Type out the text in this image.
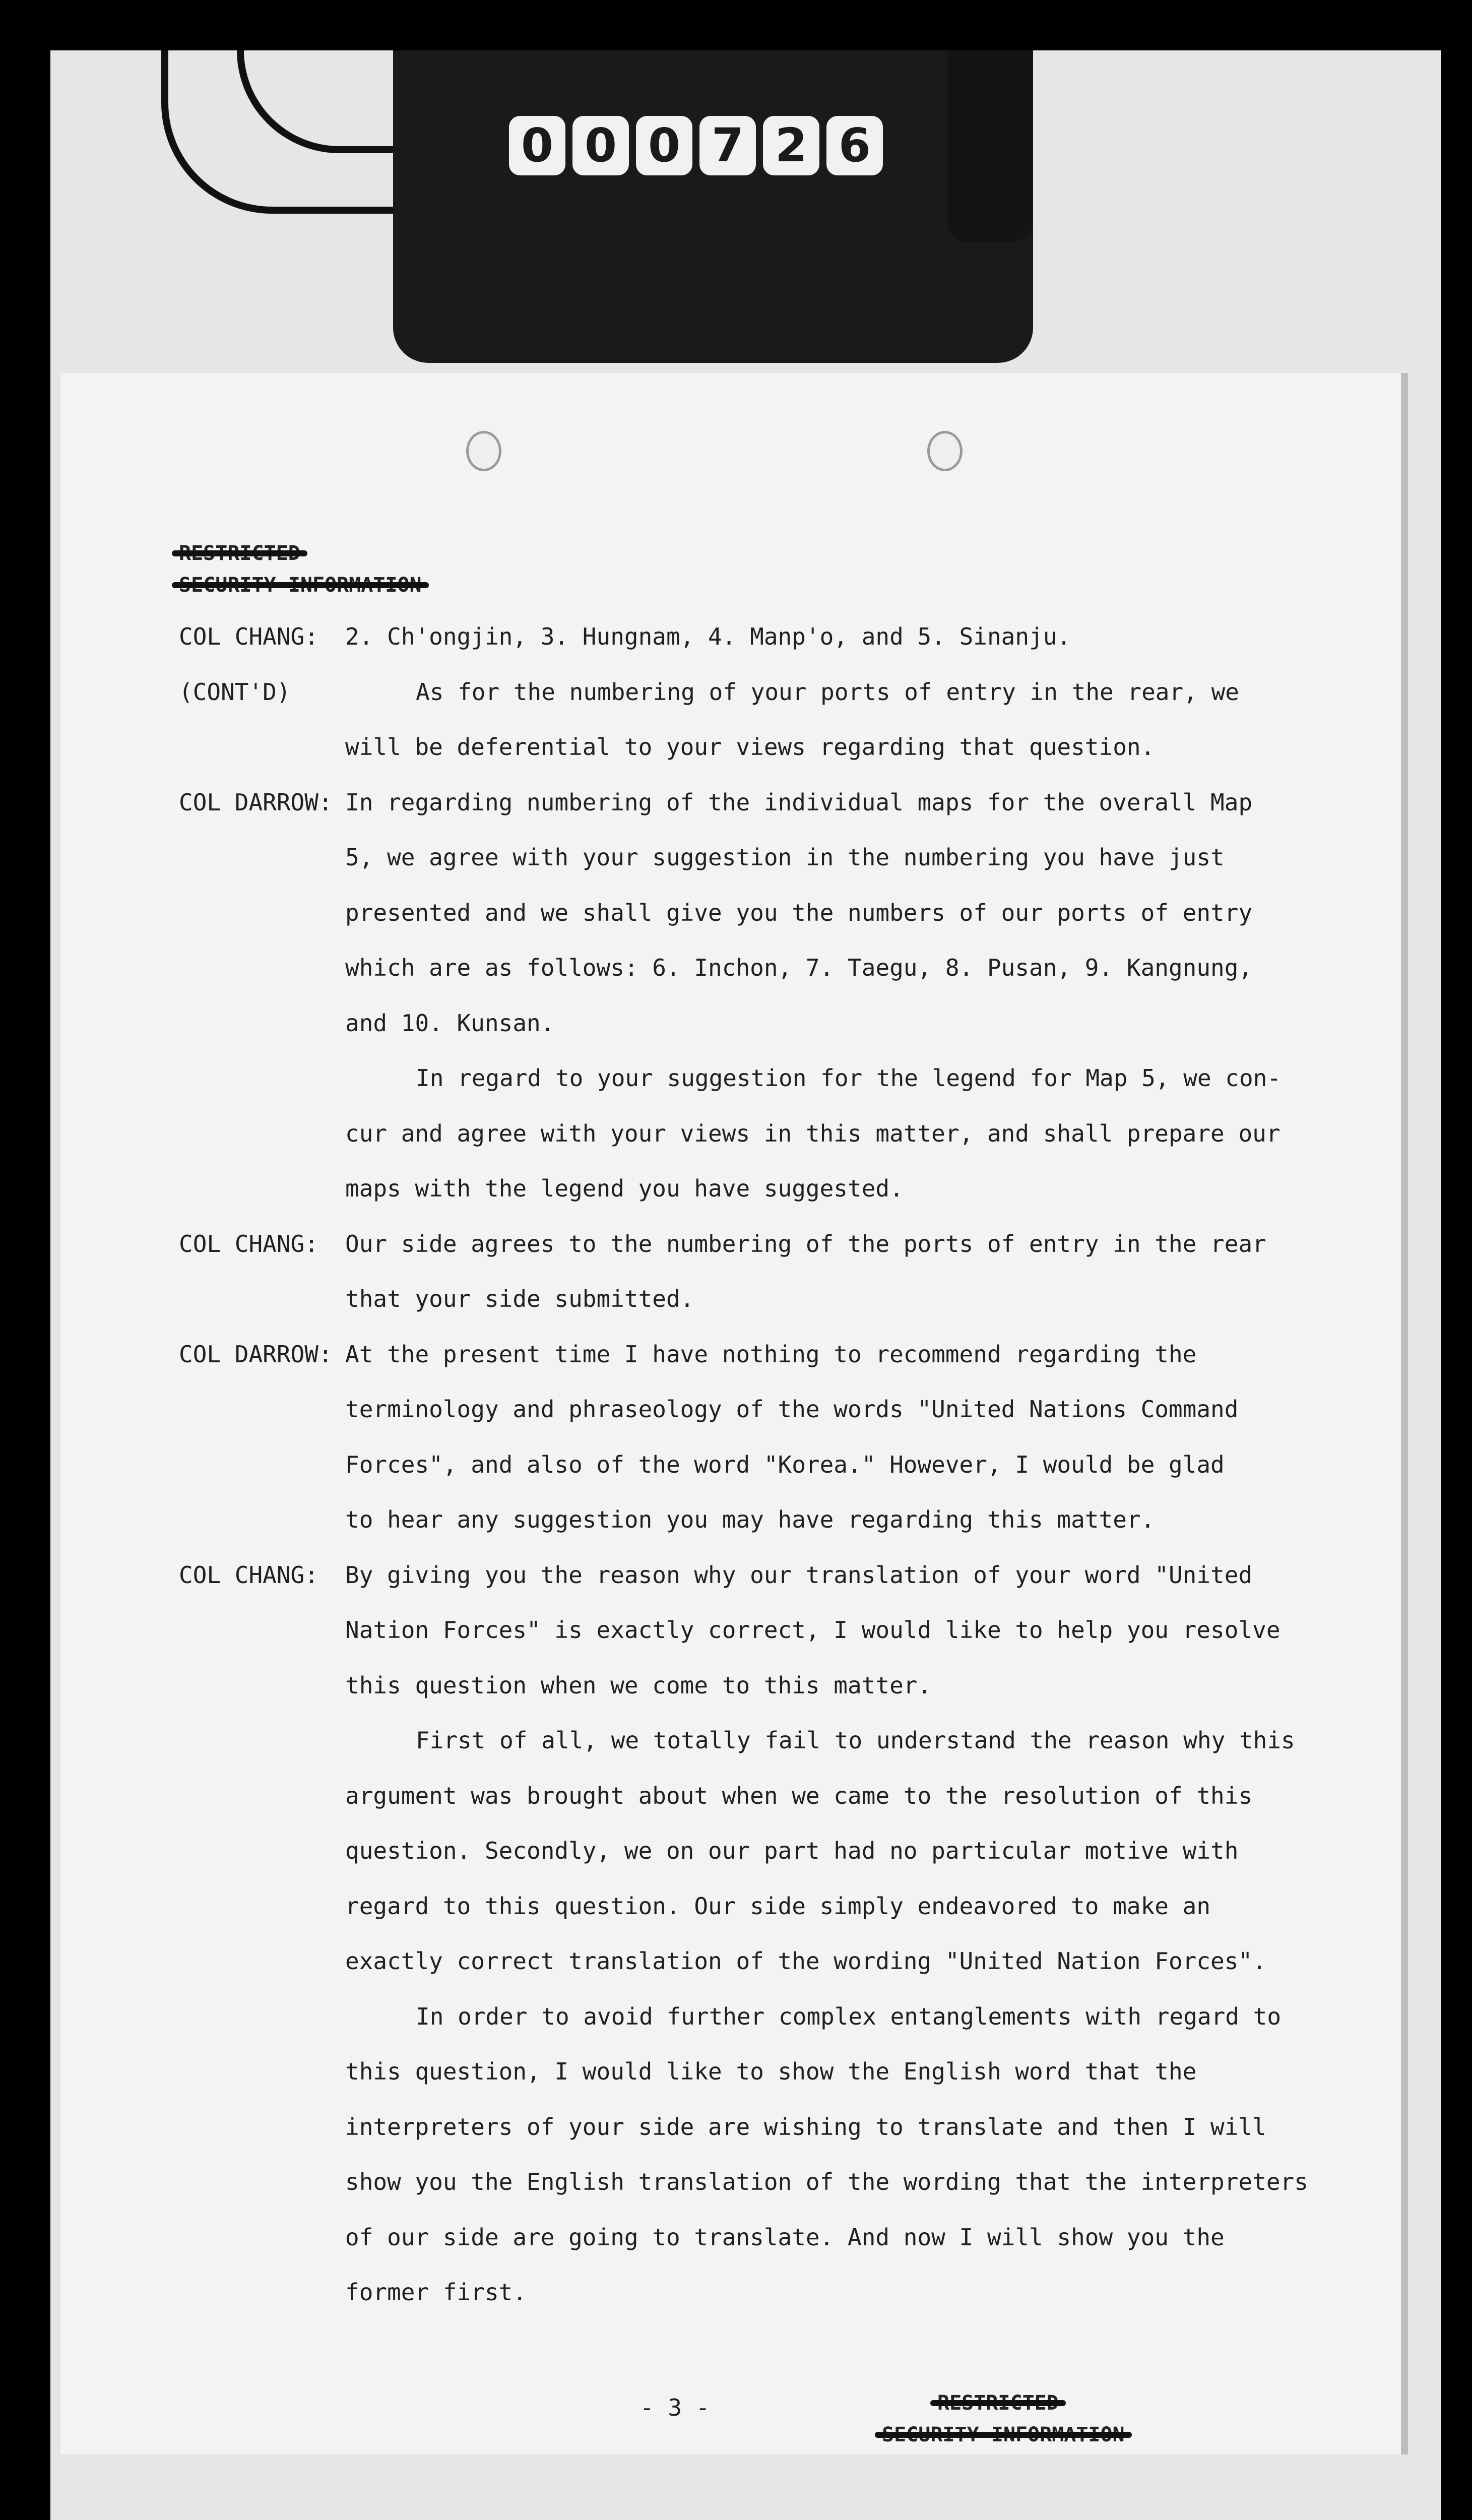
0 0 0 7 2 6
COL CHANG: 2. Ch'ongjin, 3. Hungnam, 4. Manp'o, and 5. Sinanju.
(CONT'D)	As for the numbering of your ports of entry in the rear, we
will be deferential to your views regarding that question.
COL DARROW: In regarding numbering of the individual maps for the overall Map
5, we agree with your suggestion in the numbering you have just
presented and we shall give you the numbers of our ports of entry
which are as follows: 6. Inchon, 7. Taegu, 8. Pusan, 9. Kangnung,
and 10. Kunsan.
In regard to your suggestion for the legend for Map 5, we con-
cur and agree with your views in this matter, and shall prepare our
maps with the legend you have suggested.
COL CHANG: Our side agrees to the numbering of the ports of entry in the rear
that your side submitted.
COL DARROW: At the present time I have nothing to recommend regarding the
terminology and phraseology of the words "United Nations Command
Forces", and also of the word "Korea." However, I would be glad
to hear any suggestion you may have regarding this matter.
COL CHANG: By giving you the reason why our translation of your word "United
Nation Forces" is exactly correct, I would like to help you resolve
this question when we come to this matter.
First of all, we totally fail to understand the reason why this
argument was brought about when we came to the resolution of this
question. Secondly, we on our part had no particular motive with
regard to this question. Our side simply endeavored to make an
exactly correct translation of the wording "United Nation Forces".
In order to avoid further complex entanglements with regard to
this question, I would like to show the English word that the
interpreters of your side are wishing to translate and then I will
show you the English translation of the wording that the interpreters
of our side are going to translate. And now I will show you the
former first.
- 3 -
